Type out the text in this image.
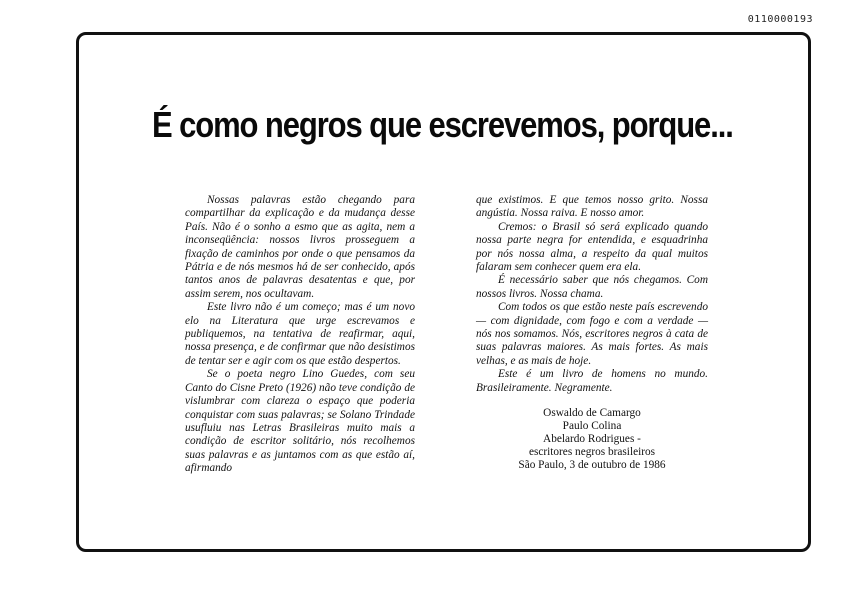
0110000193
É como negros que escrevemos, porque...

Nossas palavras estão chegando para compartilhar da explicação e da mudança desse País. Não é o sonho a esmo que as agita, nem a inconseqüência: nossos livros prosseguem a fixação de caminhos por onde o que pensamos da Pátria e de nós mesmos há de ser conhecido, após tantos anos de palavras desatentas e que, por assim serem, nos ocultavam.

Este livro não é um começo; mas é um novo elo na Literatura que urge escrevamos e publiquemos, na tentativa de reafirmar, aqui, nossa presença, e de confirmar que não desistimos de tentar ser e agir com os que estão despertos.

Se o poeta negro Lino Guedes, com seu Canto do Cisne Preto (1926) não teve condição de vislumbrar com clareza o espaço que poderia conquistar com suas palavras; se Solano Trindade usufluiu nas Letras Brasileiras muito mais a condição de escritor solitário, nós recolhemos suas palavras e as juntamos com as que estão aí, afirmando

que existimos. E que temos nosso grito. Nossa angústia. Nossa raiva. E nosso amor.

Cremos: o Brasil só será explicado quando nossa parte negra for entendida, e esquadrinha por nós nossa alma, a respeito da qual muitos falaram sem conhecer quem era ela.

É necessário saber que nós chegamos. Com nossos livros. Nossa chama.

Com todos os que estão neste país escrevendo — com dignidade, com fogo e com a verdade — nós nos somamos. Nós, escritores negros à cata de suas palavras maiores. As mais fortes. As mais velhas, e as mais de hoje.

Este é um livro de homens no mundo. Brasileiramente. Negramente.

Oswaldo de Camargo
Paulo Colina
Abelardo Rodrigues -
escritores negros brasileiros
São Paulo, 3 de outubro de 1986
